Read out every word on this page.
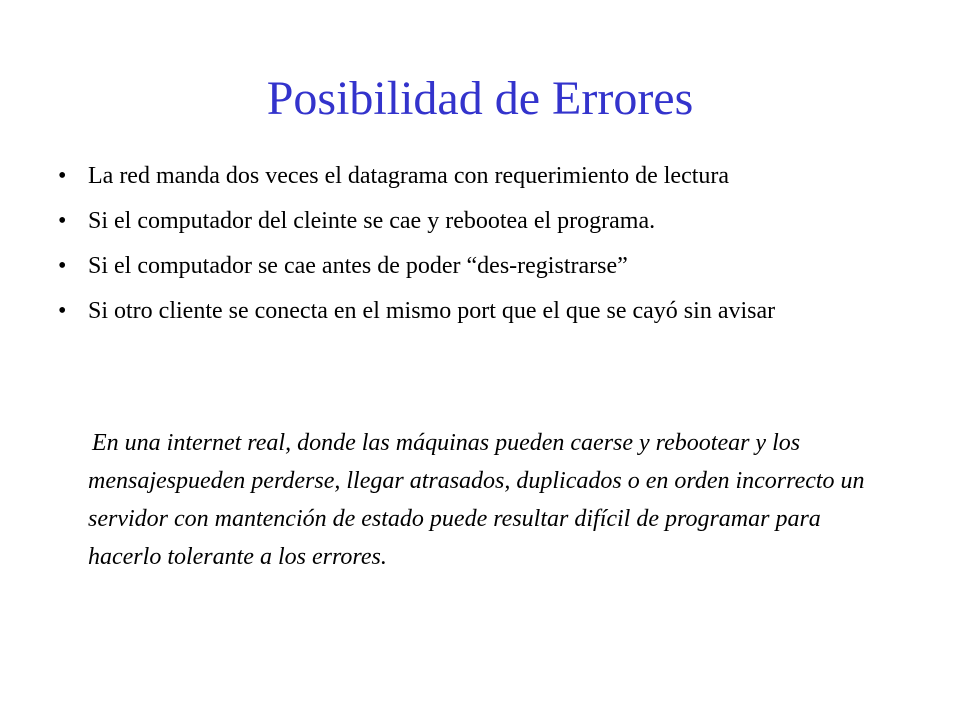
Posibilidad de Errores
• La red manda dos veces el datagrama con requerimiento de lectura
• Si el computador del cleinte se cae y rebootea el programa.
• Si el computador se cae antes de poder “des-registrarse”
• Si otro cliente se conecta en el mismo port que el que se cayó sin avisar

En una internet real, donde las máquinas pueden caerse y rebootear y los mensajespueden perderse, llegar atrasados, duplicados o en orden incorrecto un servidor con mantención de estado puede resultar difícil de programar para hacerlo tolerante a los errores.
